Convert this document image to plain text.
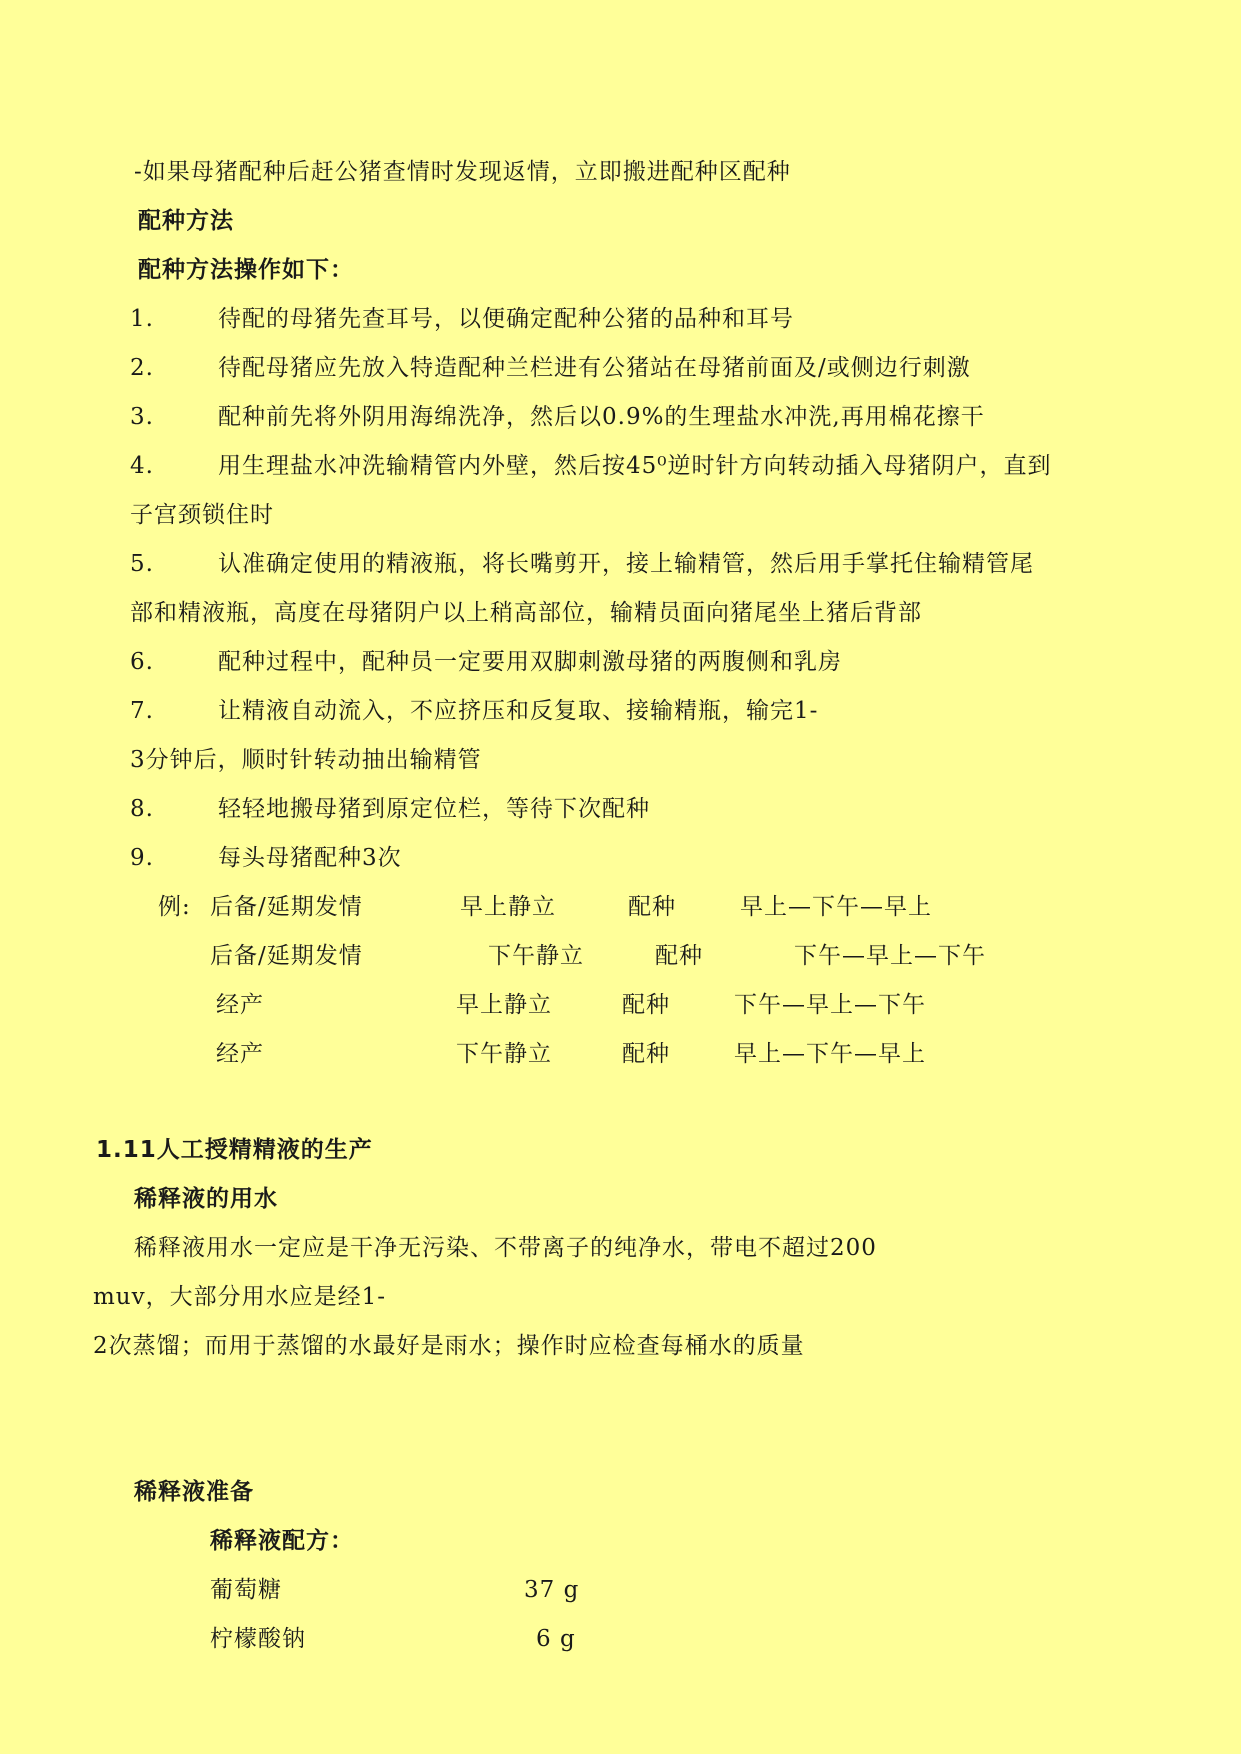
-如果母猪配种后赶公猪查情时发现返情，立即搬进配种区配种
配种方法
配种方法操作如下：
1.	待配的母猪先查耳号，以便确定配种公猪的品种和耳号
2.	待配母猪应先放入特造配种兰栏进有公猪站在母猪前面及/或侧边行刺激
3.	配种前先将外阴用海绵洗净，然后以0.9%的生理盐水冲洗,再用棉花擦干
4.	用生理盐水冲洗输精管内外壁，然后按45⁰逆时针方向转动插入母猪阴户，直到
子宫颈锁住时
5.	认准确定使用的精液瓶，将长嘴剪开，接上输精管，然后用手掌托住输精管尾
部和精液瓶，高度在母猪阴户以上稍高部位，输精员面向猪尾坐上猪后背部
6.	配种过程中，配种员一定要用双脚刺激母猪的两腹侧和乳房
7.	让精液自动流入，不应挤压和反复取、接输精瓶，输完1-
3分钟后，顺时针转动抽出输精管
8.	轻轻地搬母猪到原定位栏，等待下次配种
9.	每头母猪配种3次
例: 后备/延期发情	早上静立	配种	早上—下午—早上
后备/延期发情	下午静立	配种	下午—早上—下午
经产	早上静立	配种	下午—早上—下午
经产	下午静立	配种	早上—下午—早上
1.11人工授精精液的生产
稀释液的用水
稀释液用水一定应是干净无污染、不带离子的纯净水，带电不超过200
muv，大部分用水应是经1-
2次蒸馏；而用于蒸馏的水最好是雨水；操作时应检查每桶水的质量
稀释液准备
稀释液配方：
葡萄糖	37 g
柠檬酸钠	6 g
